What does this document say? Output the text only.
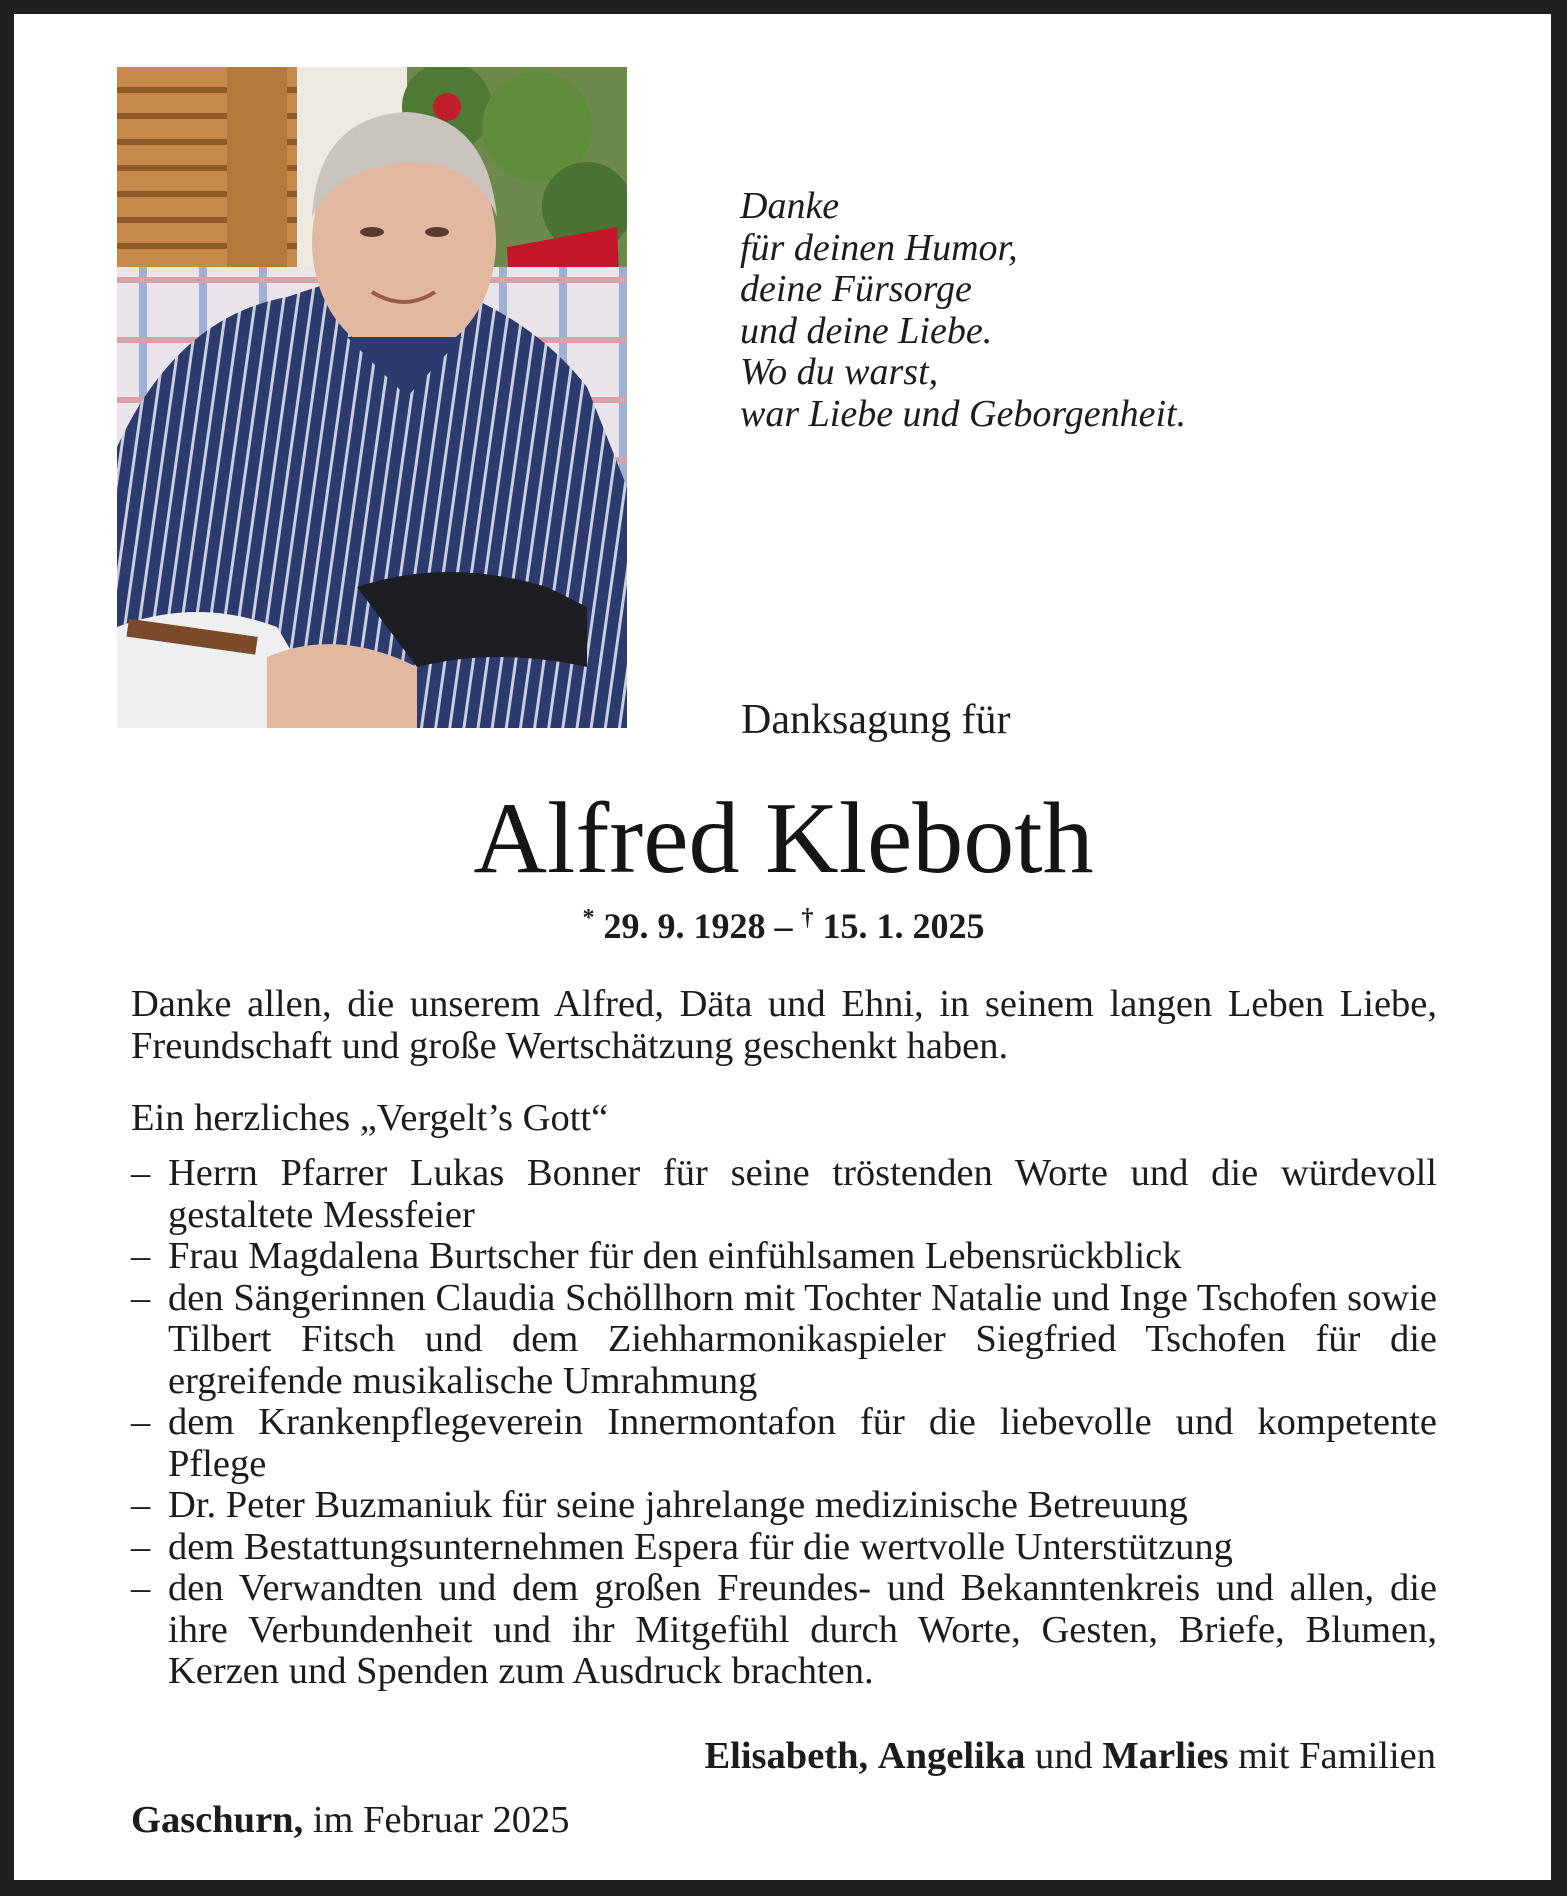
Danke
für deinen Humor,
deine Fürsorge
und deine Liebe.
Wo du warst,
war Liebe und Geborgenheit.
Danksagung für
Alfred Kleboth
* 29. 9. 1928 – † 15. 1. 2025
Danke allen, die unserem Alfred, Däta und Ehni, in seinem langen Leben Liebe, Freundschaft und große Wertschätzung geschenkt haben.
Ein herzliches „Vergelt’s Gott“
– Herrn Pfarrer Lukas Bonner für seine tröstenden Worte und die würdevoll gestaltete Messfeier
– Frau Magdalena Burtscher für den einfühlsamen Lebensrückblick
– den Sängerinnen Claudia Schöllhorn mit Tochter Natalie und Inge Tschofen sowie Tilbert Fitsch und dem Ziehharmonikaspieler Siegfried Tschofen für die ergreifende musikalische Umrahmung
– dem Krankenpflegeverein Innermontafon für die liebevolle und kompetente Pflege
– Dr. Peter Buzmaniuk für seine jahrelange medizinische Betreuung
– dem Bestattungsunternehmen Espera für die wertvolle Unterstützung
– den Verwandten und dem großen Freundes- und Bekanntenkreis und allen, die ihre Verbundenheit und ihr Mitgefühl durch Worte, Gesten, Briefe, Blumen, Kerzen und Spenden zum Ausdruck brachten.
Elisabeth, Angelika und Marlies mit Familien
Gaschurn, im Februar 2025
